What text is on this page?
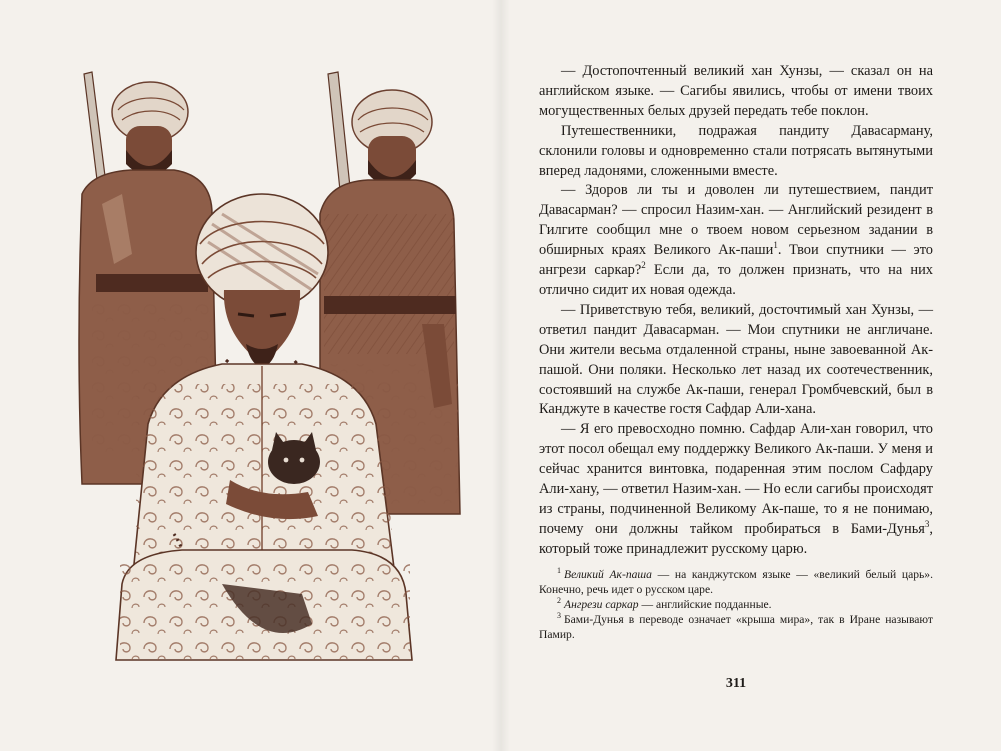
— Достопочтенный великий хан Хунзы, — сказал он на английском языке. — Сагибы явились, чтобы от имени твоих могущественных белых друзей передать тебе поклон.

Путешественники, подражая пандиту Давасарману, склонили головы и одновременно стали потрясать вытянутыми вперед ладонями, сложенными вместе.

— Здоров ли ты и доволен ли путешествием, пандит Давасарман? — спросил Назим-хан. — Английский резидент в Гилгите сообщил мне о твоем новом серьезном задании в обширных краях Великого Ак-паши$^1$. Твои спутники — это ангрези саркар?$^2$ Если да, то должен признать, что на них отлично сидит их новая одежда.

— Приветствую тебя, великий, досточтимый хан Хунзы, — ответил пандит Давасарман. — Мои спутники не англичане. Они жители весьма отдаленной страны, ныне завоеванной Ак-пашой. Они поляки. Несколько лет назад их соотечественник, состоявший на службе Ак-паши, генерал Громбчевский, был в Канджуте в качестве гостя Сафдар Али-хана.

— Я его превосходно помню. Сафдар Али-хан говорил, что этот посол обещал ему поддержку Великого Ак-паши. У меня и сейчас хранится винтовка, подаренная этим послом Сафдару Али-хану, — ответил Назим-хан. — Но если сагибы происходят из страны, подчиненной Великому Ак-паше, то я не понимаю, почему они должны тайком пробираться в Бами-Дунья$^3$, который тоже принадлежит русскому царю.

$^1$ Великий Ак-паша — на канджутском языке — «великий белый царь». Конечно, речь идет о русском царе.

$^2$ Ангрези саркар — английские подданные.

$^3$ Бами-Дунья в переводе означает «крыша мира», так в Иране называют Памир.

311
